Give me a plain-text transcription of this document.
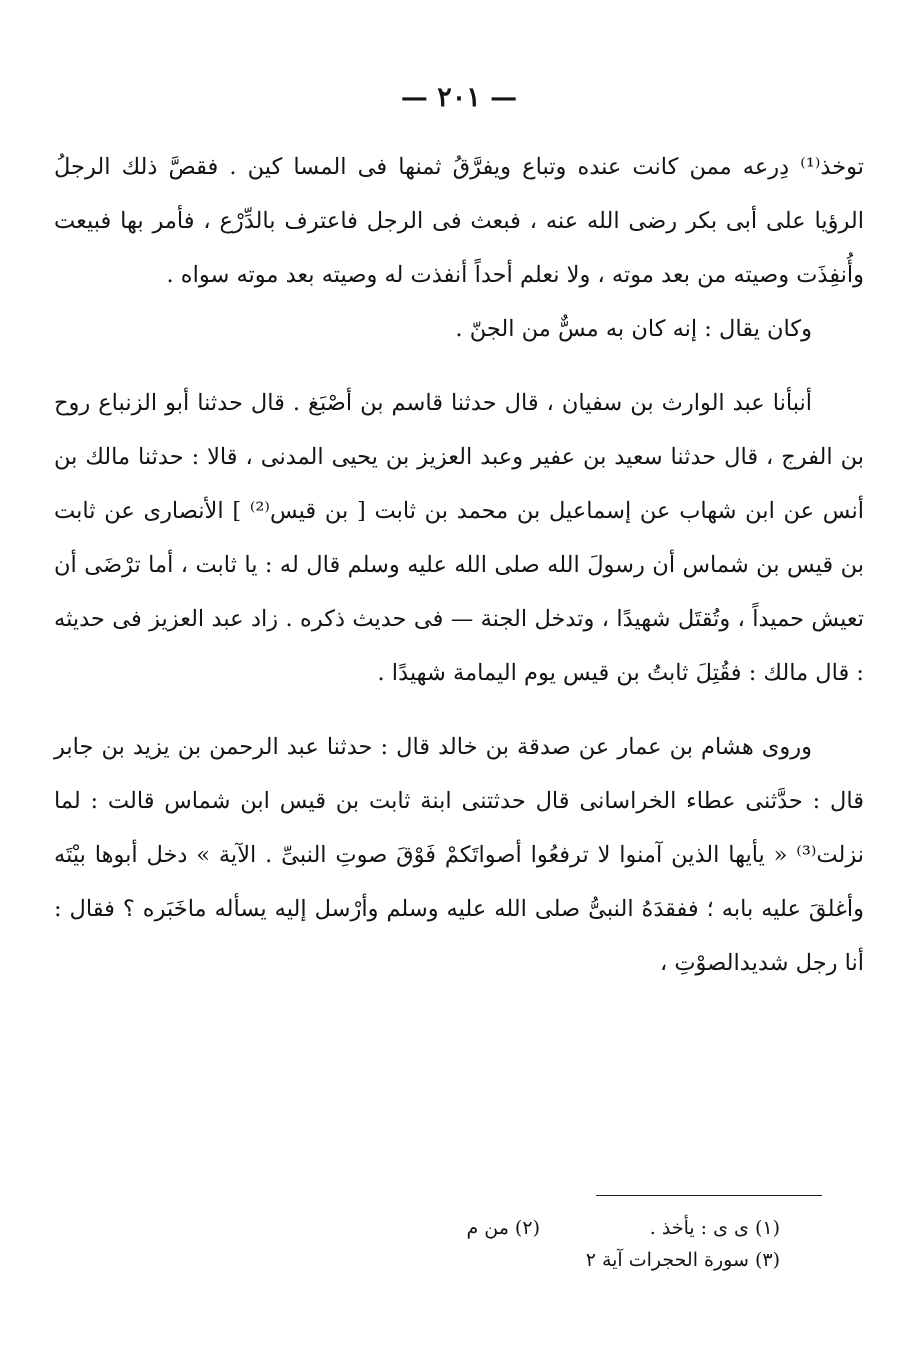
— ٢٠١ —

توخذ⁽¹⁾ دِرعه ممن كانت عنده وتباع ويفرَّقُ ثمنها فى المسا كين . فقصَّ ذلك الرجلُ الرؤيا على أبى بكر رضى الله عنه ، فبعث فى الرجل فاعترف بالدِّرْع ، فأمر بها فبيعت وأُنفِذَت وصيته من بعد موته ، ولا نعلم أحداً أنفذت له وصيته بعد موته سواه .

وكان يقال : إنه كان به مسٌّ من الجنّ .

أنبأنا عبد الوارث بن سفيان ، قال حدثنا قاسم بن أصْبَغ . قال حدثنا أبو الزنباع روح بن الفرج ، قال حدثنا سعيد بن عفير وعبد العزيز بن يحيى المدنى ، قالا : حدثنا مالك بن أنس عن ابن شهاب عن إسماعيل بن محمد بن ثابت [ بن قيس⁽²⁾ ] الأنصارى عن ثابت بن قيس بن شماس أن رسولَ الله صلى الله عليه وسلم قال له : يا ثابت ، أما ترْضَى أن تعيش حميداً ، وتُقتَل شهيدًا ، وتدخل الجنة — فى حديث ذكره . زاد عبد العزيز فى حديثه : قال مالك : فقُتِلَ ثابتُ بن قيس يوم اليمامة شهيدًا .

وروى هشام بن عمار عن صدقة بن خالد قال : حدثنا عبد الرحمن بن يزيد بن جابر قال : حدَّثنى عطاء الخراسانى قال حدثتنى ابنة ثابت بن قيس ابن شماس قالت : لما نزلت⁽³⁾ « يأيها الذين آمنوا لا ترفعُوا أصواتَكمْ فَوْقَ صوتِ النبىِّ . الآية » دخل أبوها بيْتَه وأغلقَ عليه بابه ؛ ففقدَهُ النبىُّ صلى الله عليه وسلم وأرْسل إليه يسأله ماخَبَره ؟ فقال : أنا رجل شديدالصوْتِ ،

(١) ى ى : يأخذ .
(٢) من م
(٣) سورة الحجرات آية ٢
